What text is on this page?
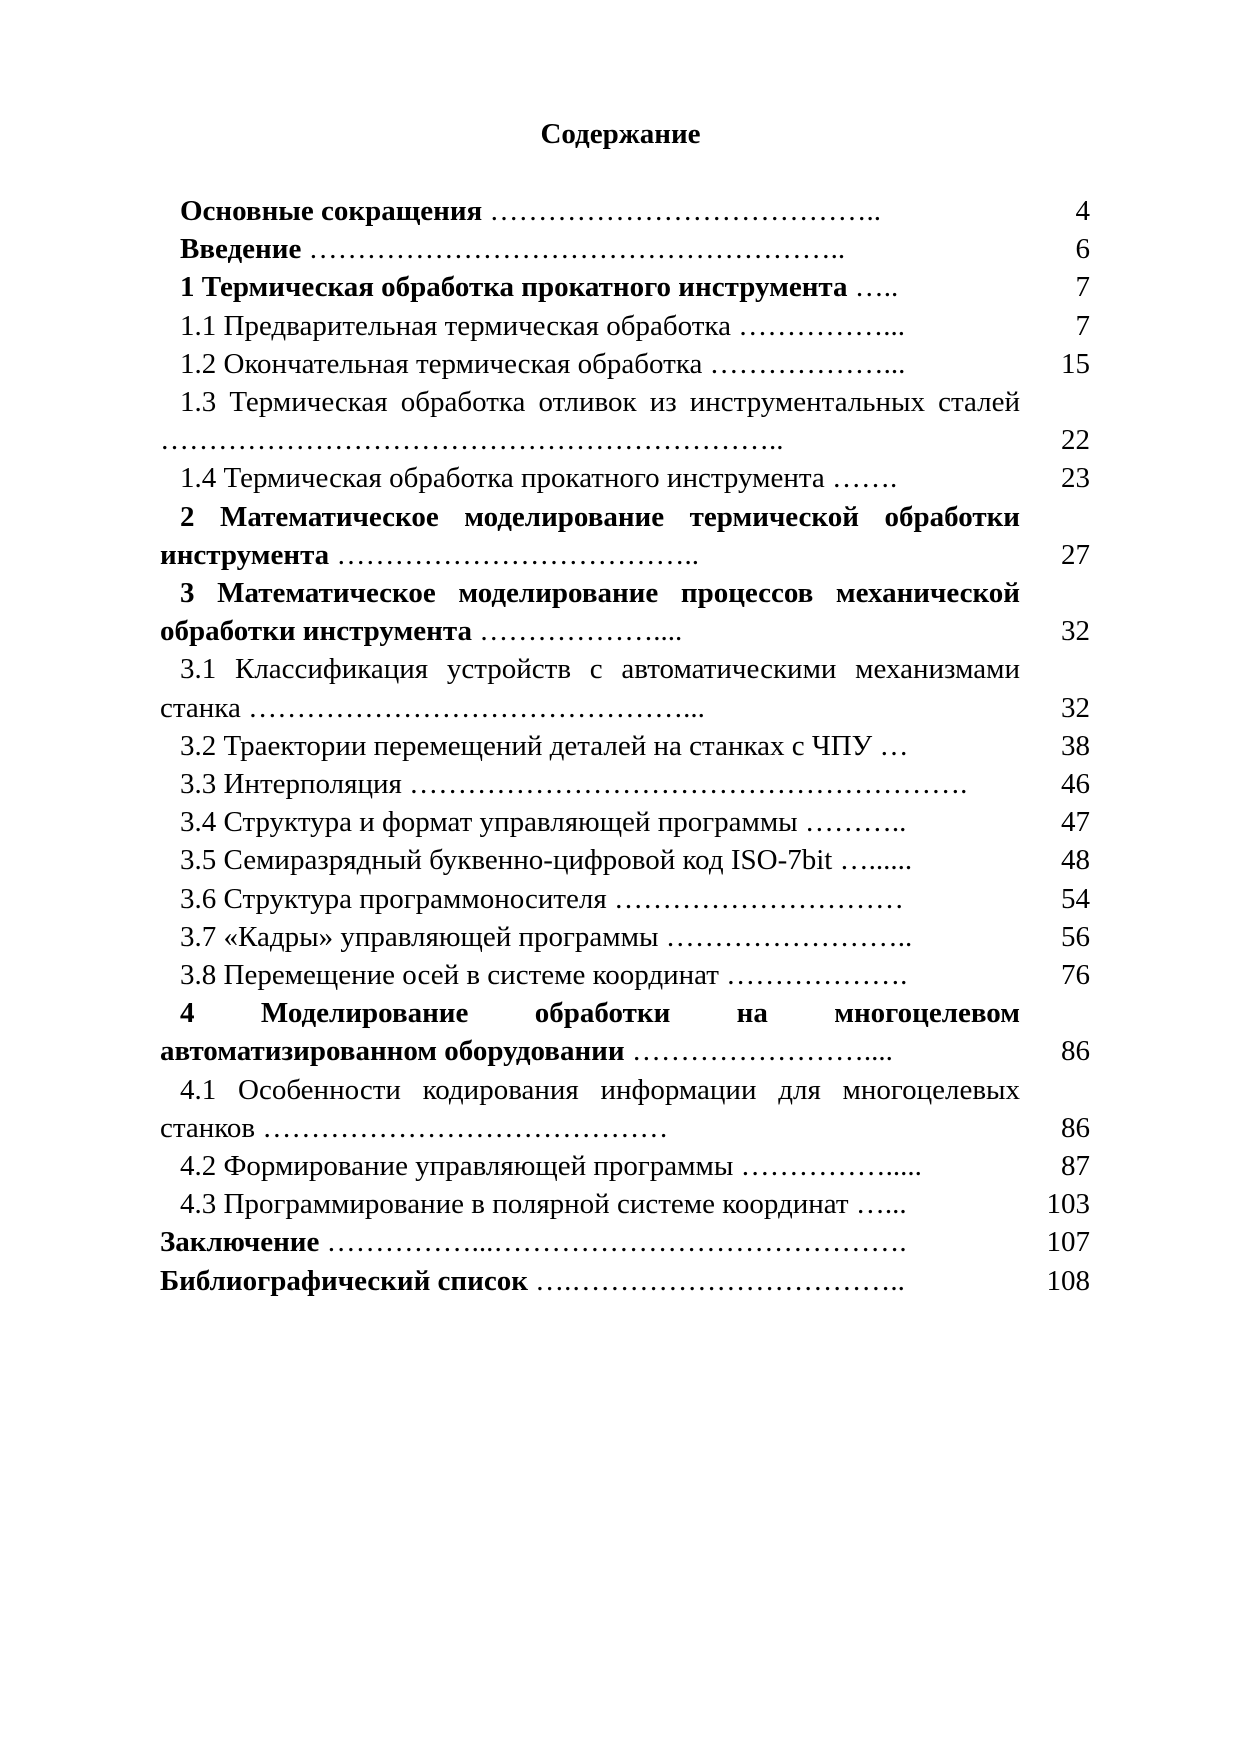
Содержание
Основные сокращения …………………………………..	4
Введение ………………………………………………..	6
1 Термическая обработка прокатного инструмента …..	7
1.1 Предварительная термическая обработка ……………...	7
1.2 Окончательная термическая обработка ………………...	15
1.3 Термическая обработка отливок из инструментальных сталей ………………………………………………………..	22
1.4 Термическая обработка прокатного инструмента …….	23
2 Математическое моделирование термической обработки инструмента ………………………………..	27
3 Математическое моделирование процессов механической обработки инструмента ………………....	32
3.1 Классификация устройств с автоматическими механизмами станка ………………………………………...	32
3.2 Траектории перемещений деталей на станках с ЧПУ …	38
3.3 Интерполяция ………………………………………………….	46
3.4 Структура и формат управляющей программы ………..	47
3.5 Семиразрядный буквенно-цифровой код ISO-7bit …......	48
3.6 Структура программоносителя …………………………	54
3.7 «Кадры» управляющей программы ……………………..	56
3.8 Перемещение осей в системе координат ……………….	76
4 Моделирование обработки на многоцелевом автоматизированном оборудовании ……………………....	86
4.1 Особенности кодирования информации для многоцелевых станков ……………………………………	86
4.2 Формирование управляющей программы …………….....	87
4.3 Программирование в полярной системе координат …...	103
Заключение ……………...…………………………………….	107
Библиографический список ….……………………………..	108
